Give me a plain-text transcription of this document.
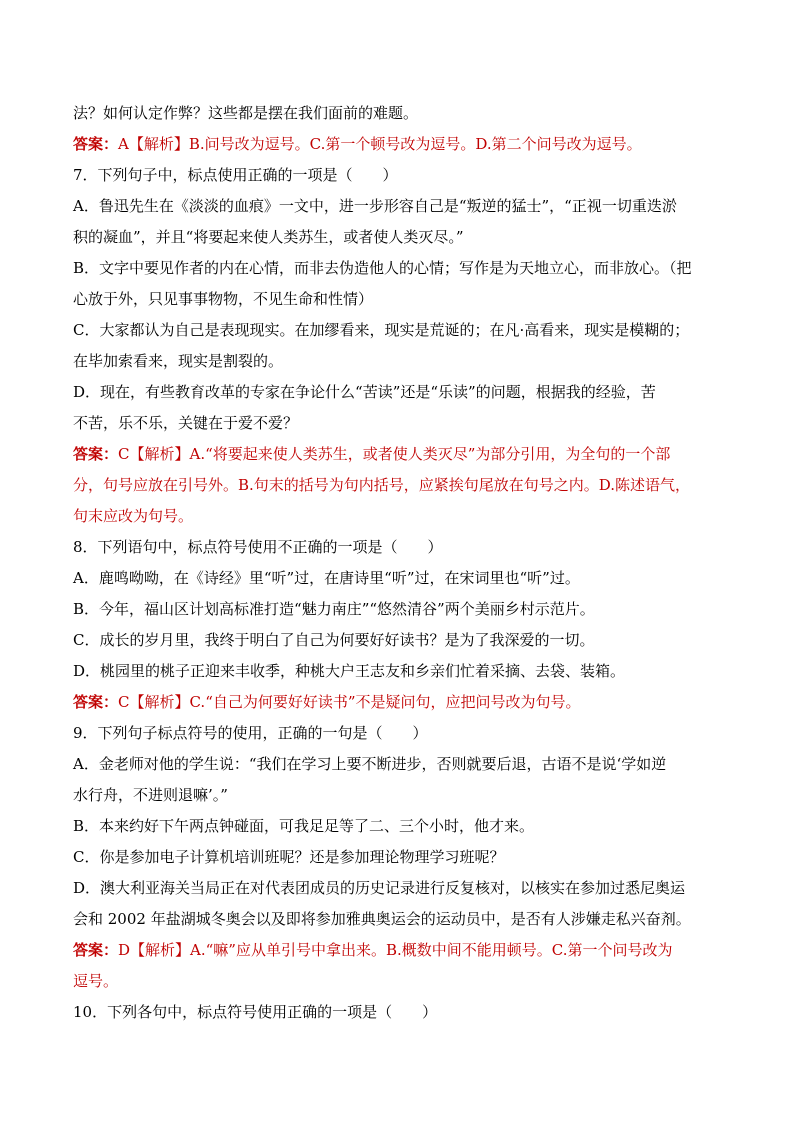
法？如何认定作弊？这些都是摆在我们面前的难题。
答案：A【解析】B.问号改为逗号。C.第一个顿号改为逗号。D.第二个问号改为逗号。
7．下列句子中，标点使用正确的一项是（　　）
A．鲁迅先生在《淡淡的血痕》一文中，进一步形容自己是“叛逆的猛士”，“正视一切重迭淤
积的凝血”，并且“将要起来使人类苏生，或者使人类灭尽。”
B．文字中要见作者的内在心情，而非去伪造他人的心情；写作是为天地立心，而非放心。（把
心放于外，只见事事物物，不见生命和性情）
C．大家都认为自己是表现现实。在加缪看来，现实是荒诞的；在凡·高看来，现实是模糊的；
在毕加索看来，现实是割裂的。
D．现在，有些教育改革的专家在争论什么“苦读”还是“乐读”的问题，根据我的经验，苦
不苦，乐不乐，关键在于爱不爱？
答案：C【解析】A.“将要起来使人类苏生，或者使人类灭尽”为部分引用，为全句的一个部
分，句号应放在引号外。B.句末的括号为句内括号，应紧挨句尾放在句号之内。D.陈述语气，
句末应改为句号。
8．下列语句中，标点符号使用不正确的一项是（　　）
A．鹿鸣呦呦，在《诗经》里“听”过，在唐诗里“听”过，在宋词里也“听”过。
B．今年，福山区计划高标准打造“魅力南庄”“悠然清谷”两个美丽乡村示范片。
C．成长的岁月里，我终于明白了自己为何要好好读书？是为了我深爱的一切。
D．桃园里的桃子正迎来丰收季，种桃大户王志友和乡亲们忙着采摘、去袋、装箱。
答案：C【解析】C.“自己为何要好好读书”不是疑问句，应把问号改为句号。
9．下列句子标点符号的使用，正确的一句是（　　）
A．金老师对他的学生说：“我们在学习上要不断进步，否则就要后退，古语不是说‘学如逆
水行舟，不进则退嘛’。”
B．本来约好下午两点钟碰面，可我足足等了二、三个小时，他才来。
C．你是参加电子计算机培训班呢？还是参加理论物理学习班呢？
D．澳大利亚海关当局正在对代表团成员的历史记录进行反复核对，以核实在参加过悉尼奥运
会和 2002 年盐湖城冬奥会以及即将参加雅典奥运会的运动员中，是否有人涉嫌走私兴奋剂。
答案：D【解析】A.“嘛”应从单引号中拿出来。B.概数中间不能用顿号。C.第一个问号改为
逗号。
10．下列各句中，标点符号使用正确的一项是（　　）
